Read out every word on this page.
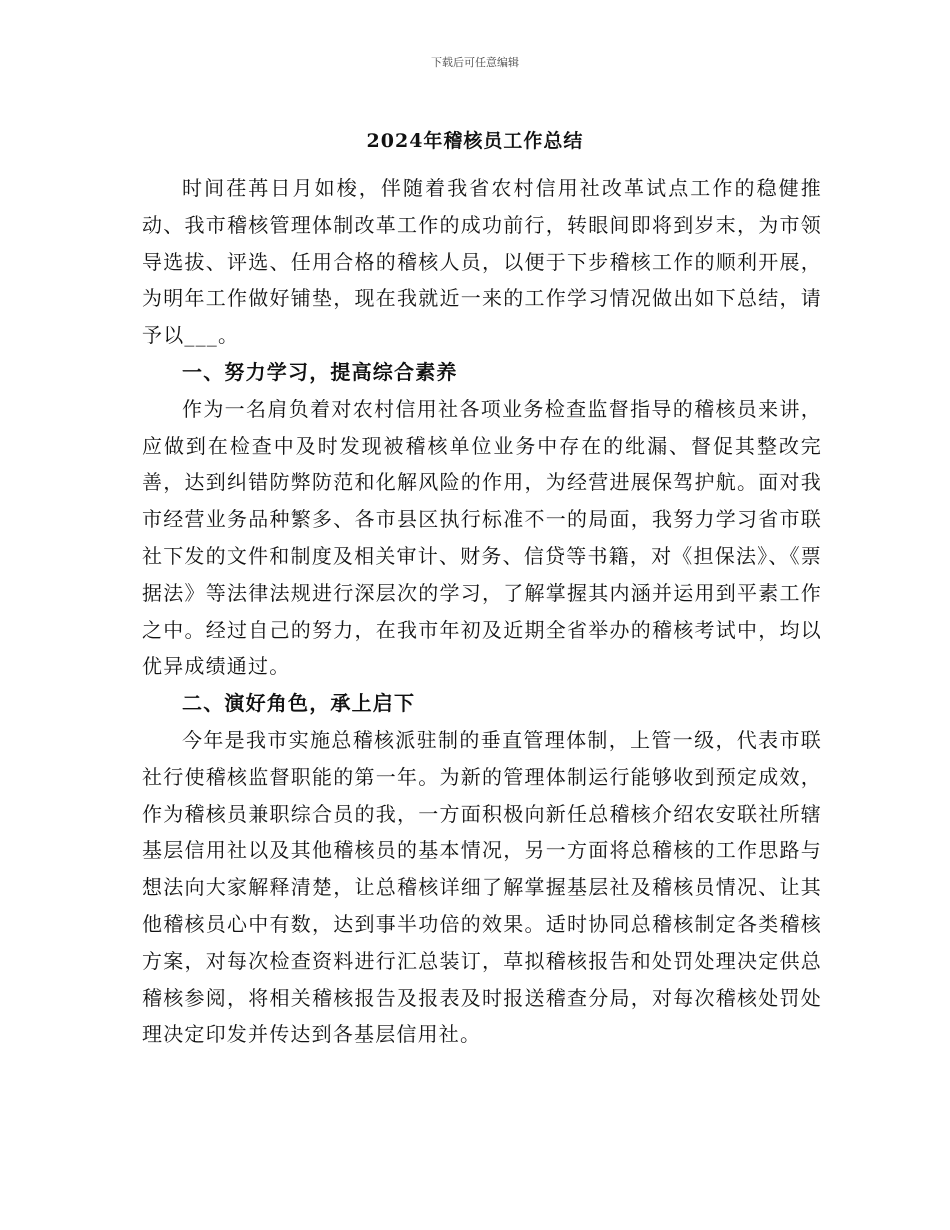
下载后可任意编辑
2024年稽核员工作总结

时间荏苒日月如梭，伴随着我省农村信用社改革试点工作的稳健推动、我市稽核管理体制改革工作的成功前行，转眼间即将到岁末，为市领导选拔、评选、任用合格的稽核人员，以便于下步稽核工作的顺利开展，为明年工作做好铺垫，现在我就近一来的工作学习情况做出如下总结，请予以___。

一、努力学习，提高综合素养

作为一名肩负着对农村信用社各项业务检查监督指导的稽核员来讲，应做到在检查中及时发现被稽核单位业务中存在的纰漏、督促其整改完善，达到纠错防弊防范和化解风险的作用，为经营进展保驾护航。面对我市经营业务品种繁多、各市县区执行标准不一的局面，我努力学习省市联社下发的文件和制度及相关审计、财务、信贷等书籍，对《担保法》、《票据法》等法律法规进行深层次的学习，了解掌握其内涵并运用到平素工作之中。经过自己的努力，在我市年初及近期全省举办的稽核考试中，均以优异成绩通过。

二、演好角色，承上启下

今年是我市实施总稽核派驻制的垂直管理体制，上管一级，代表市联社行使稽核监督职能的第一年。为新的管理体制运行能够收到预定成效，作为稽核员兼职综合员的我，一方面积极向新任总稽核介绍农安联社所辖基层信用社以及其他稽核员的基本情况，另一方面将总稽核的工作思路与想法向大家解释清楚，让总稽核详细了解掌握基层社及稽核员情况、让其他稽核员心中有数，达到事半功倍的效果。适时协同总稽核制定各类稽核方案，对每次检查资料进行汇总装订，草拟稽核报告和处罚处理决定供总稽核参阅，将相关稽核报告及报表及时报送稽查分局，对每次稽核处罚处理决定印发并传达到各基层信用社。
